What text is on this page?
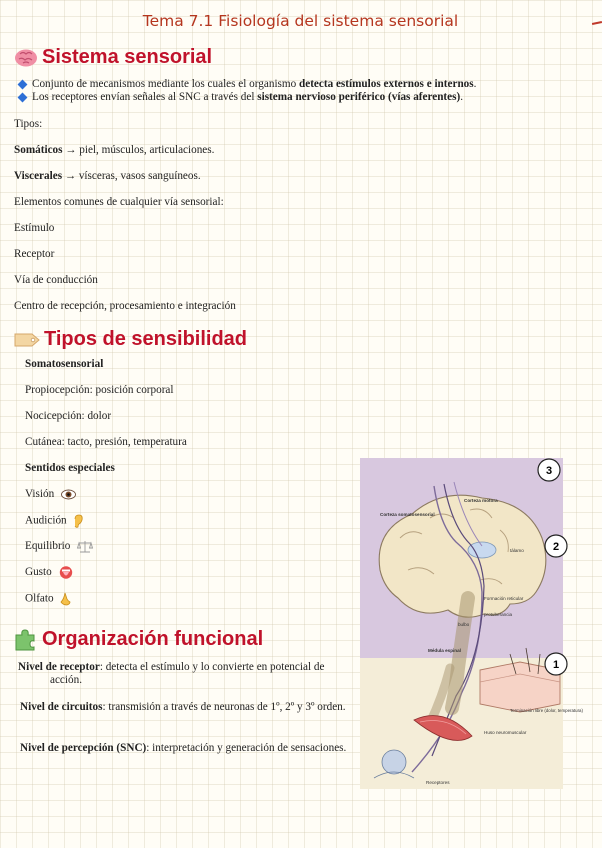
Tema 7.1 Fisiología del sistema sensorial
Sistema sensorial
Conjunto de mecanismos mediante los cuales el organismo detecta estímulos externos e internos.
Los receptores envían señales al SNC a través del sistema nervioso periférico (vías aferentes).
Tipos:
Somáticos → piel, músculos, articulaciones.
Viscerales → vísceras, vasos sanguíneos.
Elementos comunes de cualquier vía sensorial:
Estímulo
Receptor
Vía de conducción
Centro de recepción, procesamiento e integración
Tipos de sensibilidad
Somatosensorial
Propiocepción: posición corporal
Nocicepción: dolor
Cutánea: tacto, presión, temperatura
Sentidos especiales
Visión
Audición
Equilibrio
Gusto
Olfato
Organización funcional
Nivel de receptor: detecta el estímulo y lo convierte en potencial de acción.
Nivel de circuitos: transmisión a través de neuronas de 1º, 2º y 3º orden.
Nivel de percepción (SNC): interpretación y generación de sensaciones.
3
2
1
Corteza motora
Corteza somatosensorial
tálamo
Formación reticular
protuberancia
bulbo
Médula espinal
Terminación libre (dolor, temperatura)
Huso neuromuscular
Receptores
